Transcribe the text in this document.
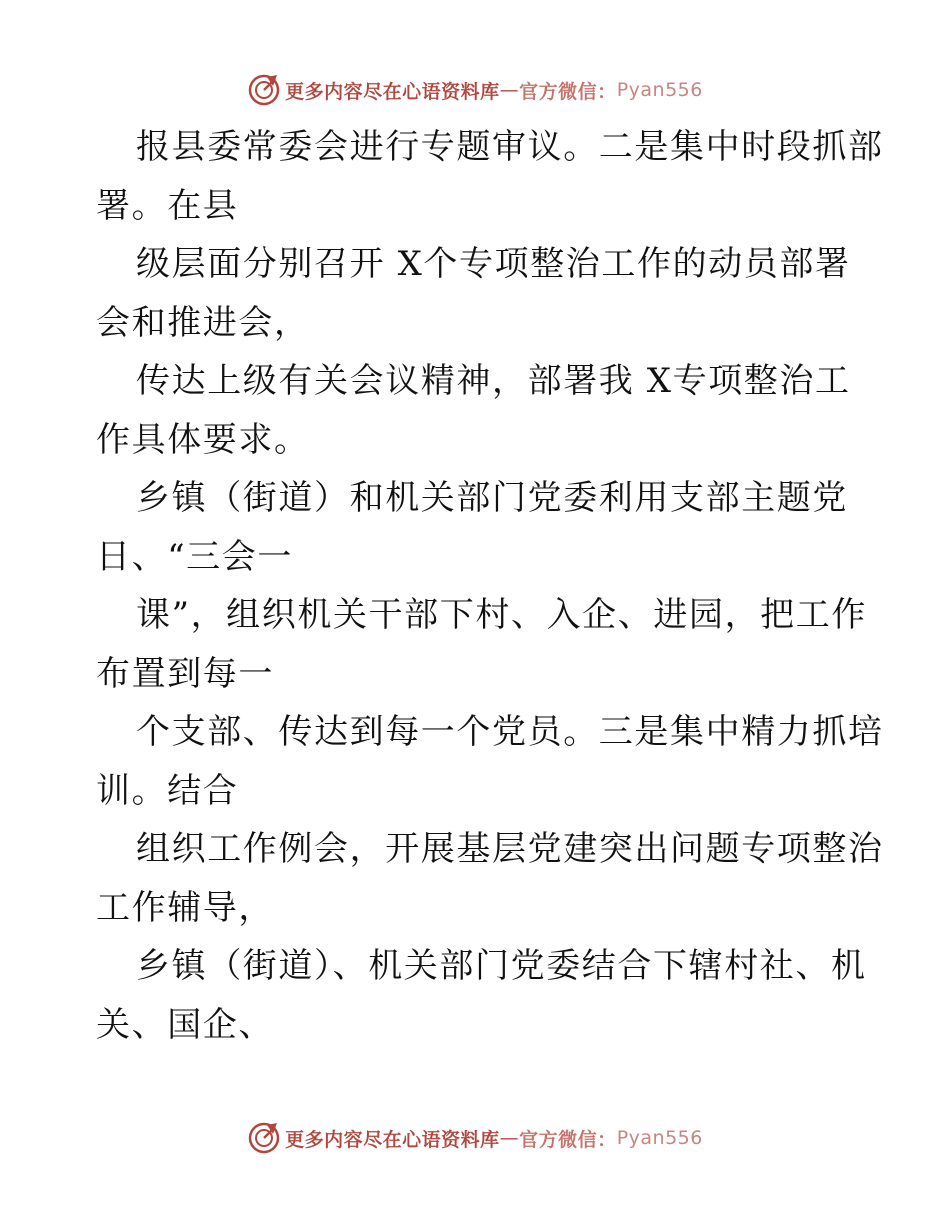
更多内容尽在心语资料库 — 官方微信： Pyan556
报县委常委会进行专题审议。二是集中时段抓部
署。在县
级层面分别召开 X个专项整治工作的动员部署
会和推进会，
传达上级有关会议精神，部署我 X专项整治工
作具体要求。
乡镇（街道）和机关部门党委利用支部主题党
日、“三会一
课”，组织机关干部下村、入企、进园，把工作
布置到每一
个支部、传达到每一个党员。三是集中精力抓培
训。结合
组织工作例会，开展基层党建突出问题专项整治
工作辅导，
乡镇（街道）、机关部门党委结合下辖村社、机
关、国企、
更多内容尽在心语资料库 — 官方微信： Pyan556
